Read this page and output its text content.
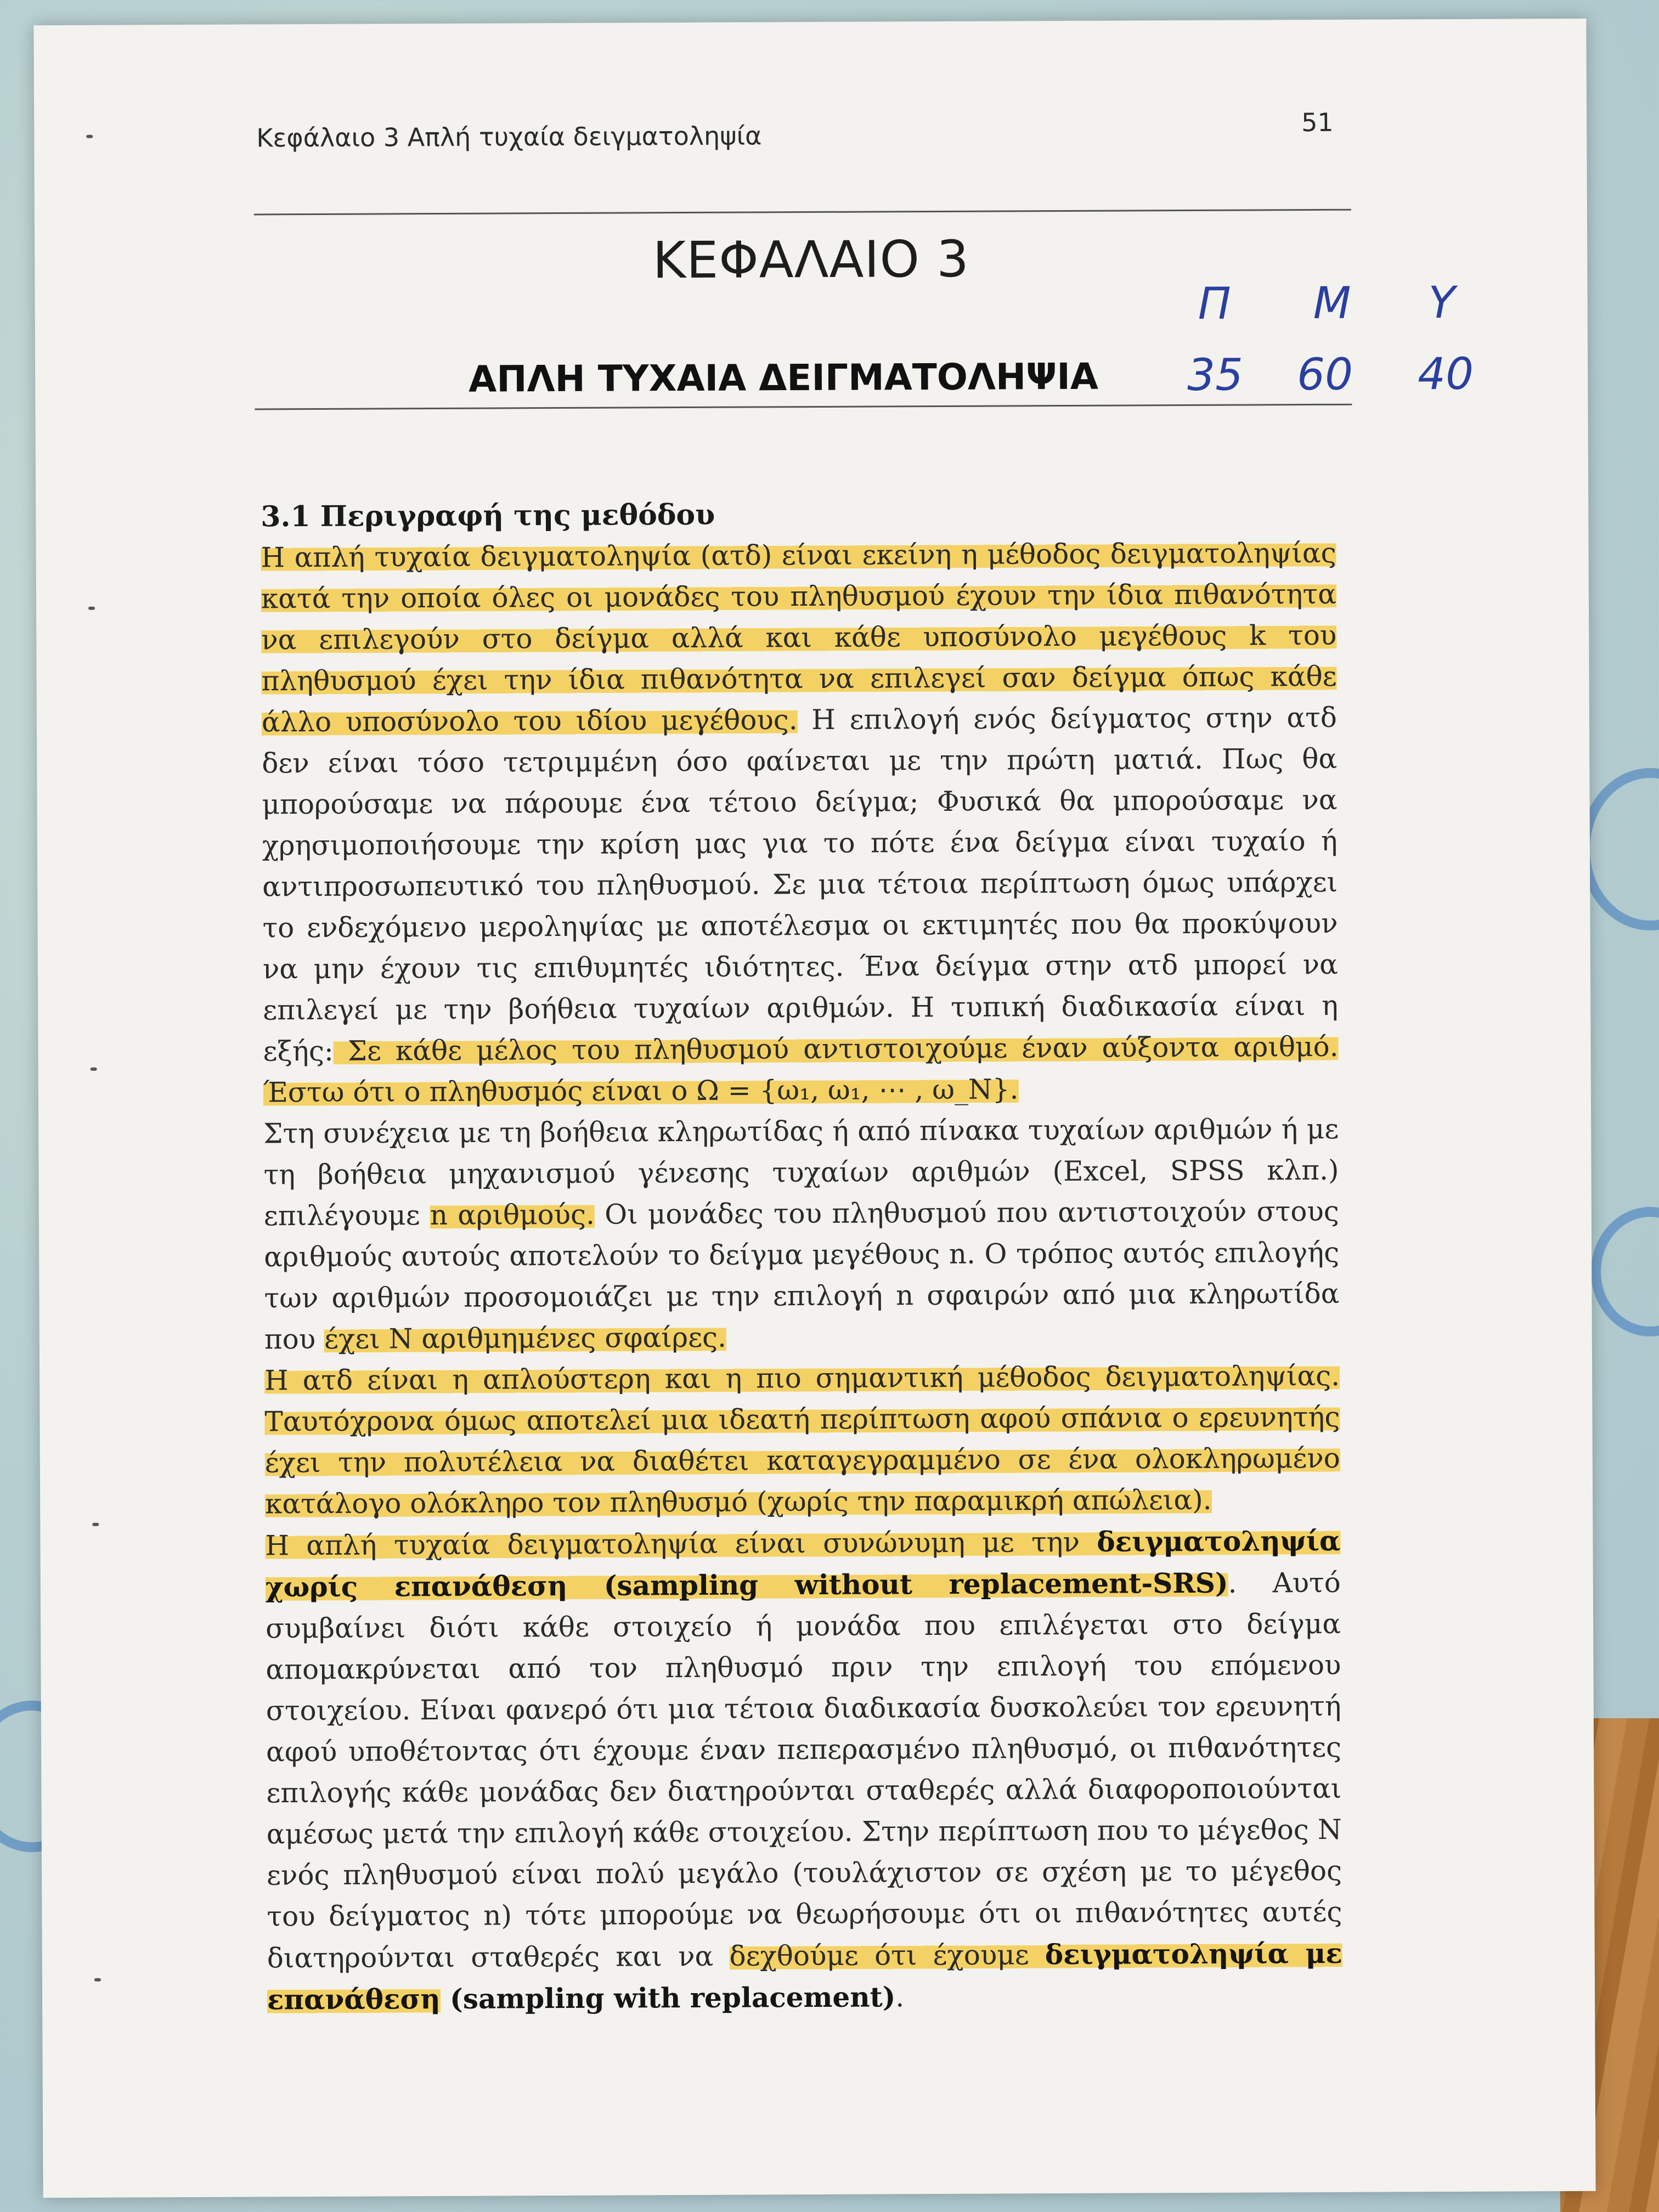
Κεφάλαιο 3 Απλή τυχαία δειγματοληψία	51
ΚΕΦΑΛΑΙΟ 3
ΑΠΛΗ ΤΥΧΑΙΑ ΔΕΙΓΜΑΤΟΛΗΨΙΑ
Π Μ Υ
35 60 40
3.1 Περιγραφή της μεθόδου

Η απλή τυχαία δειγματοληψία (ατδ) είναι εκείνη η μέθοδος δειγματοληψίας κατά την οποία όλες οι μονάδες του πληθυσμού έχουν την ίδια πιθανότητα να επιλεγούν στο δείγμα αλλά και κάθε υποσύνολο μεγέθους k του πληθυσμού έχει την ίδια πιθανότητα να επιλεγεί σαν δείγμα όπως κάθε άλλο υποσύνολο του ιδίου μεγέθους. Η επιλογή ενός δείγματος στην ατδ δεν είναι τόσο τετριμμένη όσο φαίνεται με την πρώτη ματιά. Πως θα μπορούσαμε να πάρουμε ένα τέτοιο δείγμα; Φυσικά θα μπορούσαμε να χρησιμοποιήσουμε την κρίση μας για το πότε ένα δείγμα είναι τυχαίο ή αντιπροσωπευτικό του πληθυσμού. Σε μια τέτοια περίπτωση όμως υπάρχει το ενδεχόμενο μεροληψίας με αποτέλεσμα οι εκτιμητές που θα προκύψουν να μην έχουν τις επιθυμητές ιδιότητες. Ένα δείγμα στην ατδ μπορεί να επιλεγεί με την βοήθεια τυχαίων αριθμών. Η τυπική διαδικασία είναι η εξής: Σε κάθε μέλος του πληθυσμού αντιστοιχούμε έναν αύξοντα αριθμό. Έστω ότι ο πληθυσμός είναι ο Ω = {ω₁, ω₁, ⋯ , ω_N}.

Στη συνέχεια με τη βοήθεια κληρωτίδας ή από πίνακα τυχαίων αριθμών ή με τη βοήθεια μηχανισμού γένεσης τυχαίων αριθμών (Excel, SPSS κλπ.) επιλέγουμε n αριθμούς. Οι μονάδες του πληθυσμού που αντιστοιχούν στους αριθμούς αυτούς αποτελούν το δείγμα μεγέθους n. Ο τρόπος αυτός επιλογής των αριθμών προσομοιάζει με την επιλογή n σφαιρών από μια κληρωτίδα που έχει N αριθμημένες σφαίρες.

Η ατδ είναι η απλούστερη και η πιο σημαντική μέθοδος δειγματοληψίας. Ταυτόχρονα όμως αποτελεί μια ιδεατή περίπτωση αφού σπάνια ο ερευνητής έχει την πολυτέλεια να διαθέτει καταγεγραμμένο σε ένα ολοκληρωμένο κατάλογο ολόκληρο τον πληθυσμό (χωρίς την παραμικρή απώλεια).

Η απλή τυχαία δειγματοληψία είναι συνώνυμη με την δειγματοληψία χωρίς επανάθεση (sampling without replacement-SRS). Αυτό συμβαίνει διότι κάθε στοιχείο ή μονάδα που επιλέγεται στο δείγμα απομακρύνεται από τον πληθυσμό πριν την επιλογή του επόμενου στοιχείου. Είναι φανερό ότι μια τέτοια διαδικασία δυσκολεύει τον ερευνητή αφού υποθέτοντας ότι έχουμε έναν πεπερασμένο πληθυσμό, οι πιθανότητες επιλογής κάθε μονάδας δεν διατηρούνται σταθερές αλλά διαφοροποιούνται αμέσως μετά την επιλογή κάθε στοιχείου. Στην περίπτωση που το μέγεθος N ενός πληθυσμού είναι πολύ μεγάλο (τουλάχιστον σε σχέση με το μέγεθος του δείγματος n) τότε μπορούμε να θεωρήσουμε ότι οι πιθανότητες αυτές διατηρούνται σταθερές και να δεχθούμε ότι έχουμε δειγματοληψία με επανάθεση (sampling with replacement).
